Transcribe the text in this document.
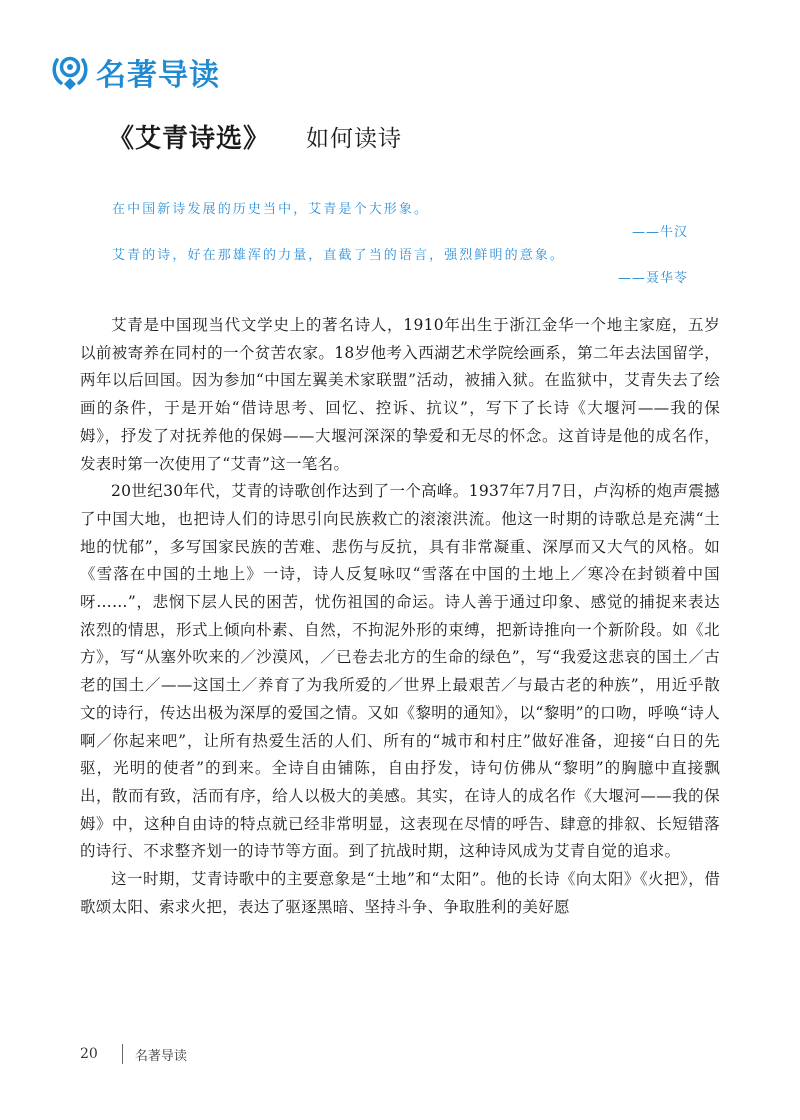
名著导读
《艾青诗选》 如何读诗
在中国新诗发展的历史当中，艾青是个大形象。
——牛汉
艾青的诗，好在那雄浑的力量，直截了当的语言，强烈鲜明的意象。
——聂华苓

艾青是中国现当代文学史上的著名诗人，1910年出生于浙江金华一个地主家庭，五岁以前被寄养在同村的一个贫苦农家。18岁他考入西湖艺术学院绘画系，第二年去法国留学，两年以后回国。因为参加“中国左翼美术家联盟”活动，被捕入狱。在监狱中，艾青失去了绘画的条件，于是开始“借诗思考、回忆、控诉、抗议”，写下了长诗《大堰河——我的保姆》，抒发了对抚养他的保姆——大堰河深深的挚爱和无尽的怀念。这首诗是他的成名作，发表时第一次使用了“艾青”这一笔名。

20世纪30年代，艾青的诗歌创作达到了一个高峰。1937年7月7日，卢沟桥的炮声震撼了中国大地，也把诗人们的诗思引向民族救亡的滚滚洪流。他这一时期的诗歌总是充满“土地的忧郁”，多写国家民族的苦难、悲伤与反抗，具有非常凝重、深厚而又大气的风格。如《雪落在中国的土地上》一诗，诗人反复咏叹“雪落在中国的土地上／寒冷在封锁着中国呀……”，悲悯下层人民的困苦，忧伤祖国的命运。诗人善于通过印象、感觉的捕捉来表达浓烈的情思，形式上倾向朴素、自然，不拘泥外形的束缚，把新诗推向一个新阶段。如《北方》，写“从塞外吹来的／沙漠风，／已卷去北方的生命的绿色”，写“我爱这悲哀的国土／古老的国土／——这国土／养育了为我所爱的／世界上最艰苦／与最古老的种族”，用近乎散文的诗行，传达出极为深厚的爱国之情。又如《黎明的通知》，以“黎明”的口吻，呼唤“诗人啊／你起来吧”，让所有热爱生活的人们、所有的“城市和村庄”做好准备，迎接“白日的先驱，光明的使者”的到来。全诗自由铺陈，自由抒发，诗句仿佛从“黎明”的胸臆中直接飘出，散而有致，活而有序，给人以极大的美感。其实，在诗人的成名作《大堰河——我的保姆》中，这种自由诗的特点就已经非常明显，这表现在尽情的呼告、肆意的排叙、长短错落的诗行、不求整齐划一的诗节等方面。到了抗战时期，这种诗风成为艾青自觉的追求。

这一时期，艾青诗歌中的主要意象是“土地”和“太阳”。他的长诗《向太阳》《火把》，借歌颂太阳、索求火把，表达了驱逐黑暗、坚持斗争、争取胜利的美好愿

20	名著导读
